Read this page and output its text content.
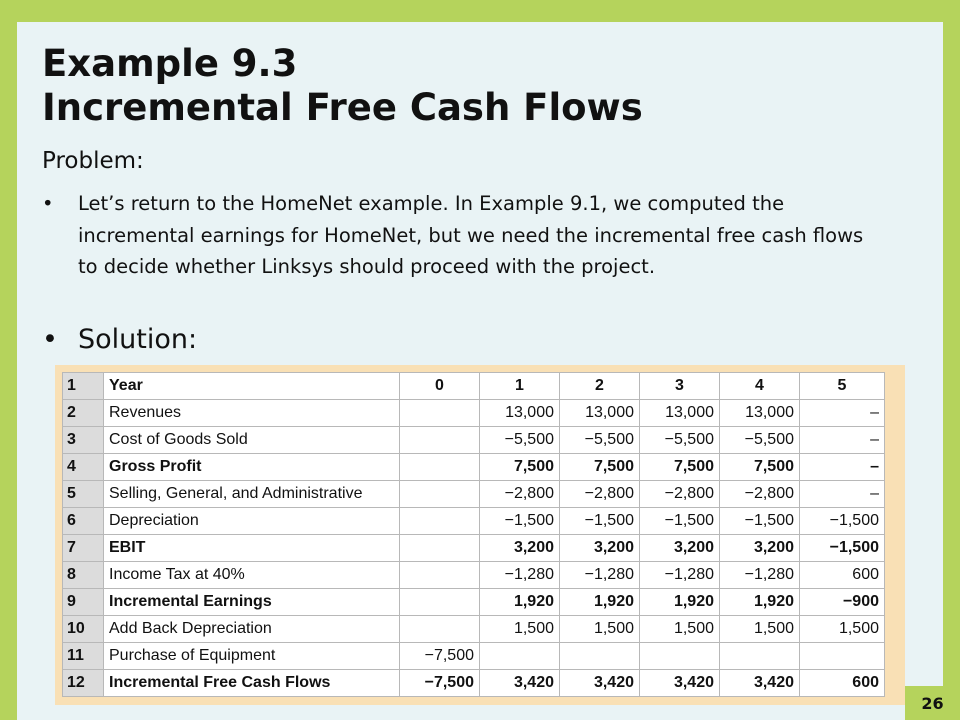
Example 9.3
Incremental Free Cash Flows
Problem:
•	Let’s return to the HomeNet example. In Example 9.1, we computed the incremental earnings for HomeNet, but we need the incremental free cash flows to decide whether Linksys should proceed with the project.
• Solution:
1	Year	0	1	2	3	4	5
2	Revenues		13,000	13,000	13,000	13,000	–
3	Cost of Goods Sold		−5,500	−5,500	−5,500	−5,500	–
4	Gross Profit		7,500	7,500	7,500	7,500	–
5	Selling, General, and Administrative		−2,800	−2,800	−2,800	−2,800	–
6	Depreciation		−1,500	−1,500	−1,500	−1,500	−1,500
7	EBIT		3,200	3,200	3,200	3,200	−1,500
8	Income Tax at 40%		−1,280	−1,280	−1,280	−1,280	600
9	Incremental Earnings		1,920	1,920	1,920	1,920	−900
10	Add Back Depreciation		1,500	1,500	1,500	1,500	1,500
11	Purchase of Equipment	−7,500					
12	Incremental Free Cash Flows	−7,500	3,420	3,420	3,420	3,420	600
26
